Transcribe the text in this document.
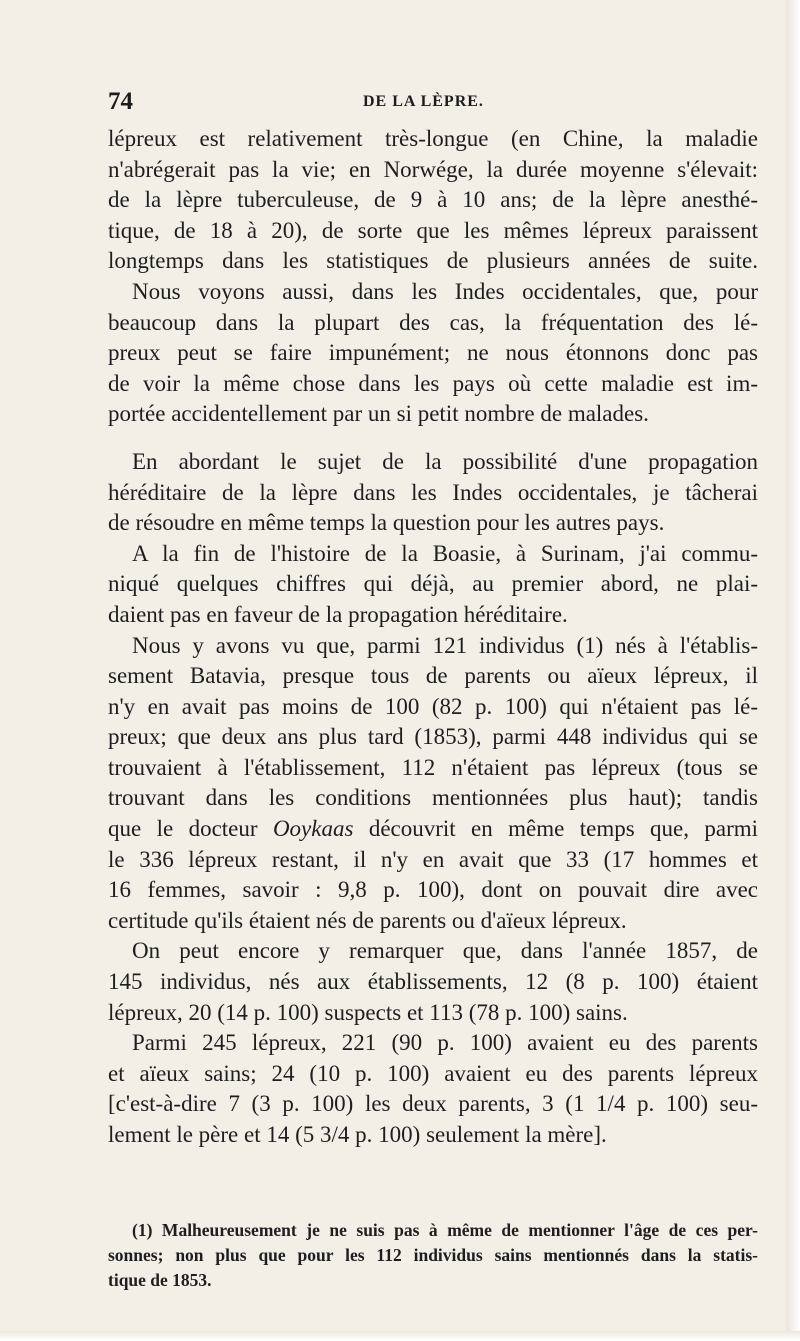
74	DE LA LÈPRE.
lépreux est relativement très-longue (en Chine, la maladie
n'abrégerait pas la vie; en Norwége, la durée moyenne s'élevait:
de la lèpre tuberculeuse, de 9 à 10 ans; de la lèpre anesthé-
tique, de 18 à 20), de sorte que les mêmes lépreux paraissent
longtemps dans les statistiques de plusieurs années de suite.
Nous voyons aussi, dans les Indes occidentales, que, pour
beaucoup dans la plupart des cas, la fréquentation des lé-
preux peut se faire impunément; ne nous étonnons donc pas
de voir la même chose dans les pays où cette maladie est im-
portée accidentellement par un si petit nombre de malades.
En abordant le sujet de la possibilité d'une propagation
héréditaire de la lèpre dans les Indes occidentales, je tâcherai
de résoudre en même temps la question pour les autres pays.
A la fin de l'histoire de la Boasie, à Surinam, j'ai commu-
niqué quelques chiffres qui déjà, au premier abord, ne plai-
daient pas en faveur de la propagation héréditaire.
Nous y avons vu que, parmi 121 individus (1) nés à l'établis-
sement Batavia, presque tous de parents ou aïeux lépreux, il
n'y en avait pas moins de 100 (82 p. 100) qui n'étaient pas lé-
preux; que deux ans plus tard (1853), parmi 448 individus qui se
trouvaient à l'établissement, 112 n'étaient pas lépreux (tous se
trouvant dans les conditions mentionnées plus haut); tandis
que le docteur Ooykaas découvrit en même temps que, parmi
le 336 lépreux restant, il n'y en avait que 33 (17 hommes et
16 femmes, savoir : 9,8 p. 100), dont on pouvait dire avec
certitude qu'ils étaient nés de parents ou d'aïeux lépreux.
On peut encore y remarquer que, dans l'année 1857, de
145 individus, nés aux établissements, 12 (8 p. 100) étaient
lépreux, 20 (14 p. 100) suspects et 113 (78 p. 100) sains.
Parmi 245 lépreux, 221 (90 p. 100) avaient eu des parents
et aïeux sains; 24 (10 p. 100) avaient eu des parents lépreux
[c'est-à-dire 7 (3 p. 100) les deux parents, 3 (1 1/4 p. 100) seu-
lement le père et 14 (5 3/4 p. 100) seulement la mère].
(1) Malheureusement je ne suis pas à même de mentionner l'âge de ces per-
sonnes; non plus que pour les 112 individus sains mentionnés dans la statis-
tique de 1853.
